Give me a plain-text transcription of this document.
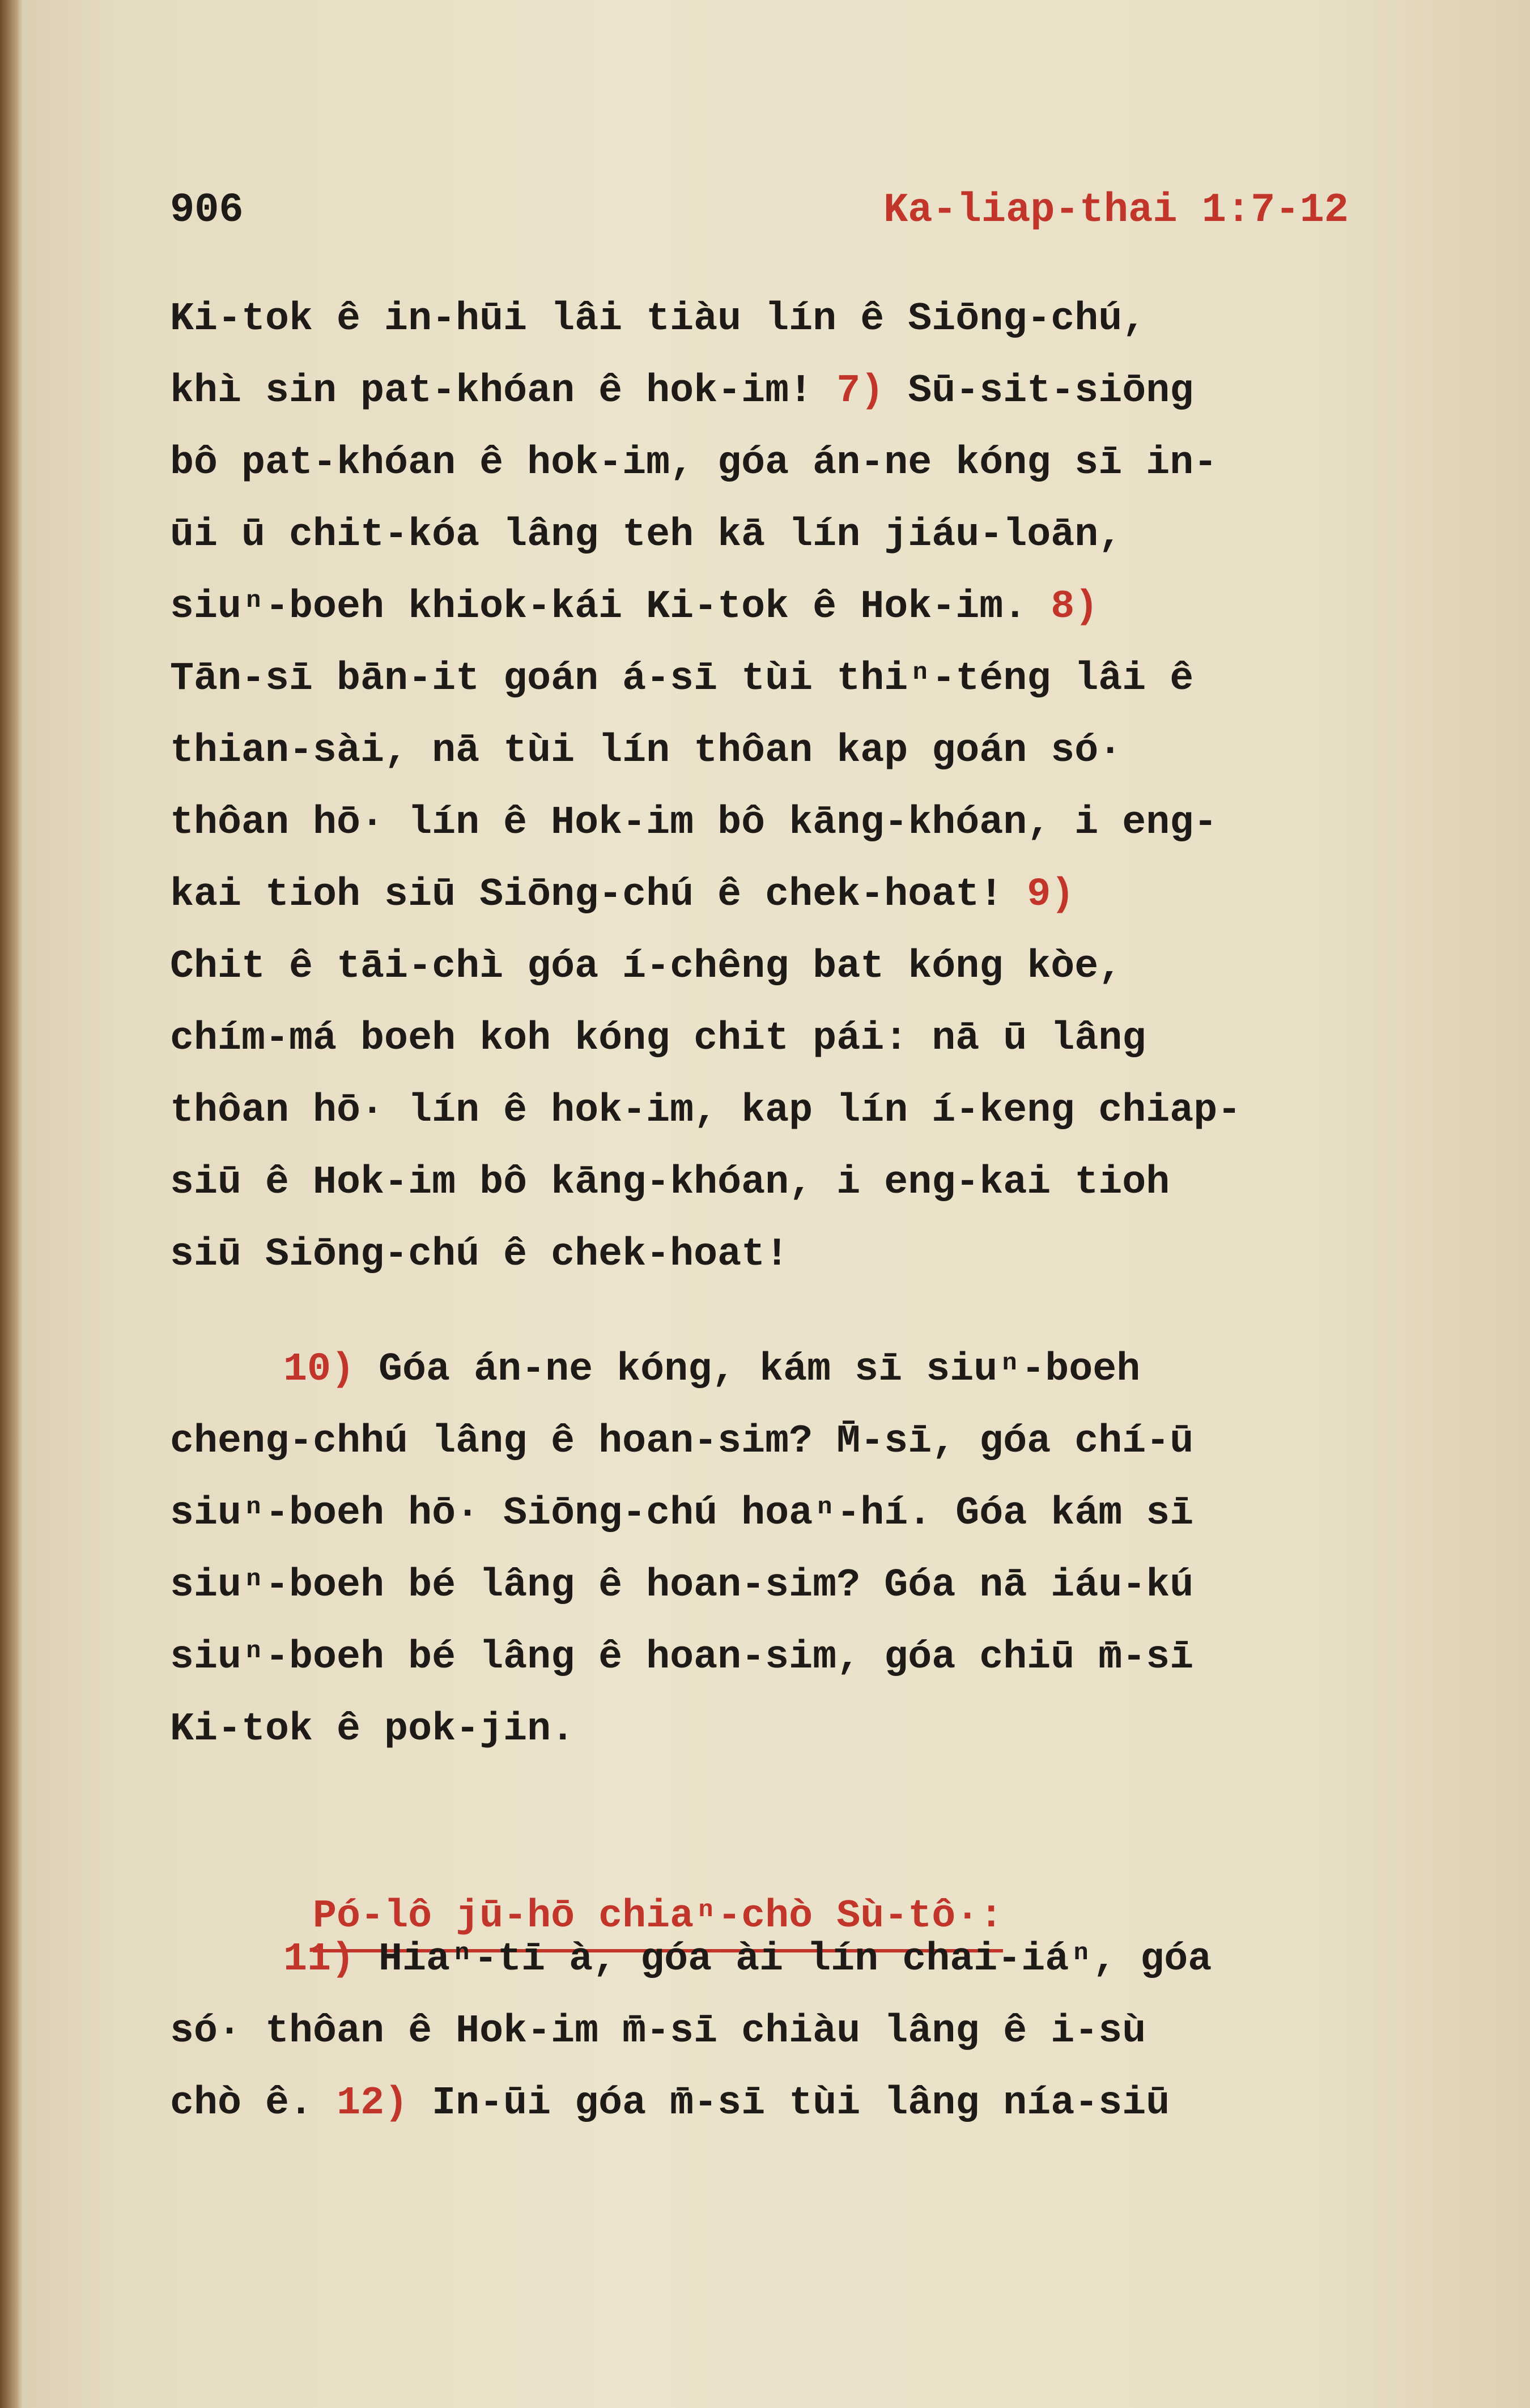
906	Ka-liap-thai 1:7-12
Ki-tok ê in-hūi lâi tiàu lín ê Siōng-chú,
khì sin pat-khóan ê hok-im! 7) Sū-sit-siōng
bô pat-khóan ê hok-im, góa án-ne kóng sī in-
ūi ū chit-kóa lâng teh kā lín jiáu-loān,
siuⁿ-boeh khiok-kái Ki-tok ê Hok-im. 8)
Tān-sī bān-it goán á-sī tùi thiⁿ-téng lâi ê
thian-sài, nā tùi lín thôan kap goán só·
thôan hō· lín ê Hok-im bô kāng-khóan, i eng-
kai tioh siū Siōng-chú ê chek-hoat! 9)
Chit ê tāi-chì góa í-chêng bat kóng kòe,
chím-má boeh koh kóng chit pái: nā ū lâng
thôan hō· lín ê hok-im, kap lín í-keng chiap-
siū ê Hok-im bô kāng-khóan, i eng-kai tioh
siū Siōng-chú ê chek-hoat!
10) Góa án-ne kóng, kám sī siuⁿ-boeh
cheng-chhú lâng ê hoan-sim? M̄-sī, góa chí-ū
siuⁿ-boeh hō· Siōng-chú hoaⁿ-hí. Góa kám sī
siuⁿ-boeh bé lâng ê hoan-sim? Góa nā iáu-kú
siuⁿ-boeh bé lâng ê hoan-sim, góa chiū m̄-sī
Ki-tok ê pok-jin.

Pó-lô jū-hō chiaⁿ-chò Sù-tô·:

11) Hiaⁿ-tī à, góa ài lín chai-iáⁿ, góa
só· thôan ê Hok-im m̄-sī chiàu lâng ê i-sù
chò ê. 12) In-ūi góa m̄-sī tùi lâng nía-siū
